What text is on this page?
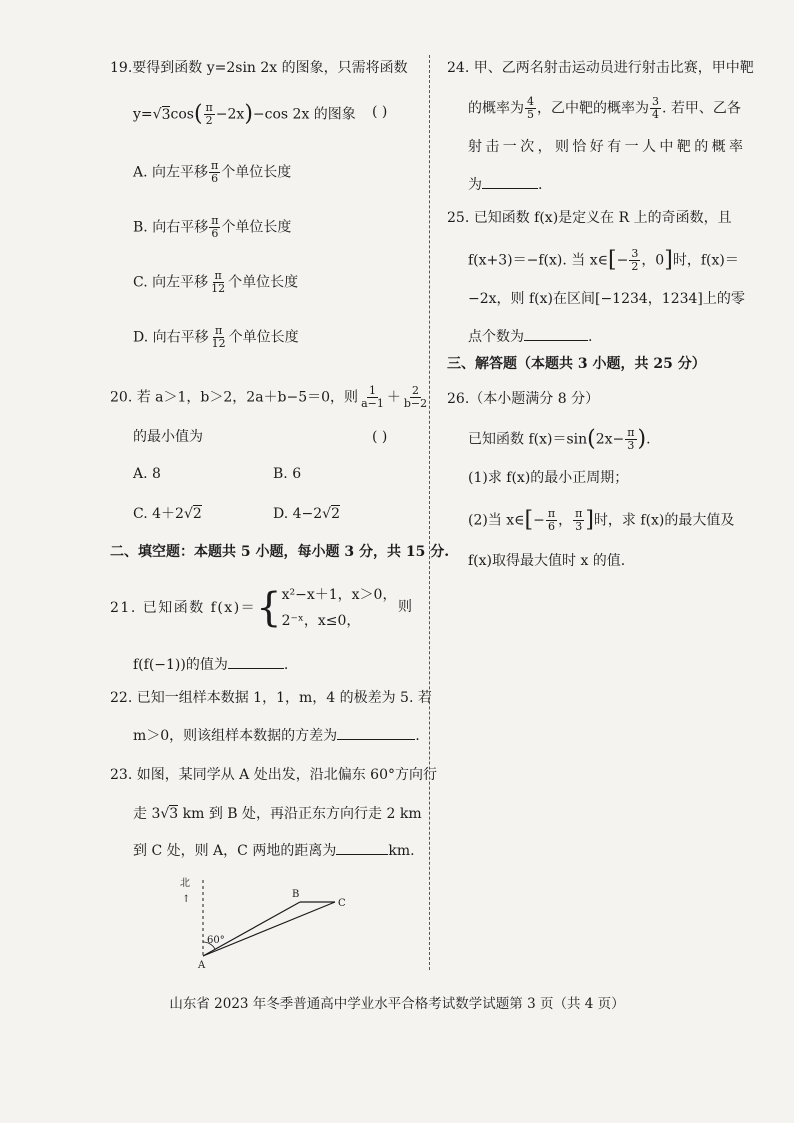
19.要得到函数 y=2sin 2x 的图象，只需将函数
$y=√3\cos( \frac{\pi}{2} -2x)-\cos$ 2x 的图象 ( )
A. 向左平移 $\frac{\pi}{6}$ 个单位长度
B. 向右平移 $\frac{\pi}{6}$ 个单位长度
C. 向左平移 $\frac{\pi}{12}$ 个单位长度
D. 向右平移 $\frac{\pi}{12}$ 个单位长度
20. 若 a＞1，b＞2，2a＋b−5＝0，则 $\frac{1}{a-1} + \frac{2}{b-2}$
的最小值为	( )
A. 8	B. 6
C. 4＋2√2	D. 4−2√2
二、填空题：本题共 5 小题，每小题 3 分，共 15 分.
21. 已知函数 f(x)＝{ x²−x＋1，x＞0，
2⁻ˣ，x≤0，
则
f(f(−1))的值为	.
22. 已知一组样本数据 1，1，m，4 的极差为 5. 若
m＞0，则该组样本数据的方差为	.
23. 如图，某同学从 A 处出发，沿北偏东 60°方向行
走 3√3 km 到 B 处，再沿正东方向行走 2 km
到 C 处，则 A，C 两地的距离为	km.
北
↑
60°
A
B
C
24. 甲、乙两名射击运动员进行射击比赛，甲中靶
的概率为 $\frac{4}{5}$ ，乙中靶的概率为 $\frac{3}{4}$ . 若甲、乙各
射击一次，则恰好有一人中靶的概率
为	.
25. 已知函数 f(x)是定义在 R 上的奇函数，且
f(x+3)＝−f(x). 当 x∈[− $\frac{3}{2}$ ，0]时，f(x)＝
−2x，则 f(x)在区间[−1234，1234]上的零
点个数为	.
三、解答题（本题共 3 小题，共 25 分）
26.（本小题满分 8 分）
已知函数 $f(x)=\sin(2x- \frac{\pi}{3}$ ).
(1)求 f(x)的最小正周期；
(2)当 x∈[− $\frac{\pi}{6}$ ， $\frac{\pi}{3}$ ]时，求 f(x)的最大值及
f(x)取得最大值时 x 的值.
山东省 2023 年冬季普通高中学业水平合格考试数学试题第 3 页（共 4 页）
